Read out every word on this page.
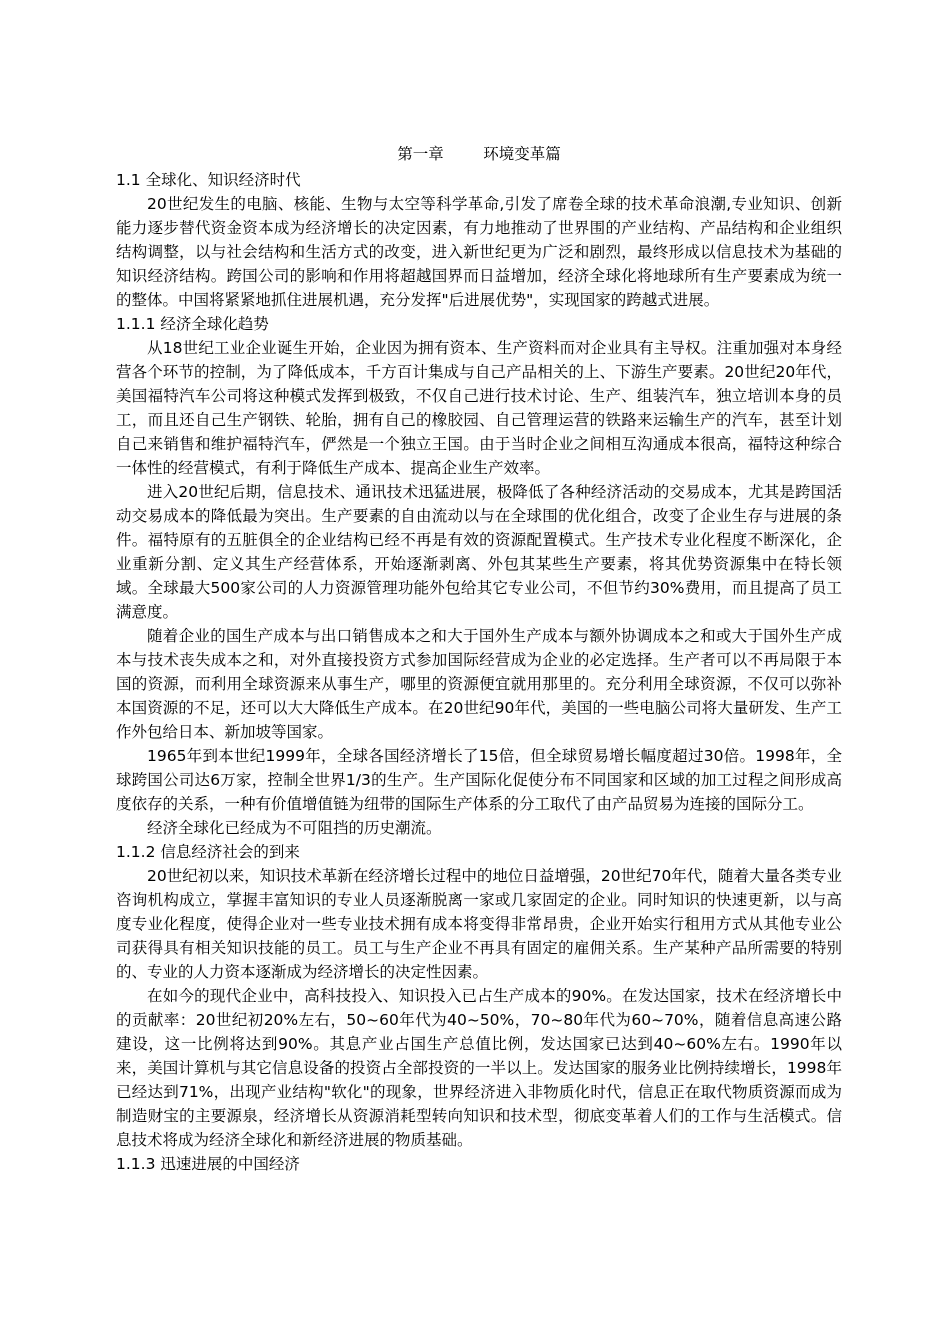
第一章        环境变革篇
1.1 全球化、知识经济时代

20世纪发生的电脑、核能、生物与太空等科学革命,引发了席卷全球的技术革命浪潮,专业知识、创新能力逐步替代资金资本成为经济增长的决定因素，有力地推动了世界围的产业结构、产品结构和企业组织结构调整，以与社会结构和生活方式的改变，进入新世纪更为广泛和剧烈，最终形成以信息技术为基础的知识经济结构。跨国公司的影响和作用将超越国界而日益增加，经济全球化将地球所有生产要素成为统一的整体。中国将紧紧地抓住进展机遇，充分发挥"后进展优势"，实现国家的跨越式进展。

1.1.1 经济全球化趋势

从18世纪工业企业诞生开始，企业因为拥有资本、生产资料而对企业具有主导权。注重加强对本身经营各个环节的控制，为了降低成本，千方百计集成与自己产品相关的上、下游生产要素。20世纪20年代，美国福特汽车公司将这种模式发挥到极致，不仅自己进行技术讨论、生产、组装汽车，独立培训本身的员工，而且还自己生产钢铁、轮胎，拥有自己的橡胶园、自己管理运营的铁路来运输生产的汽车，甚至计划自己来销售和维护福特汽车，俨然是一个独立王国。由于当时企业之间相互沟通成本很高，福特这种综合一体性的经营模式，有利于降低生产成本、提高企业生产效率。

进入20世纪后期，信息技术、通讯技术迅猛进展，极降低了各种经济活动的交易成本，尤其是跨国活动交易成本的降低最为突出。生产要素的自由流动以与在全球围的优化组合，改变了企业生存与进展的条件。福特原有的五脏俱全的企业结构已经不再是有效的资源配置模式。生产技术专业化程度不断深化，企业重新分割、定义其生产经营体系，开始逐渐剥离、外包其某些生产要素，将其优势资源集中在特长领域。全球最大500家公司的人力资源管理功能外包给其它专业公司，不但节约30%费用，而且提高了员工满意度。

随着企业的国生产成本与出口销售成本之和大于国外生产成本与额外协调成本之和或大于国外生产成本与技术丧失成本之和，对外直接投资方式参加国际经营成为企业的必定选择。生产者可以不再局限于本国的资源，而利用全球资源来从事生产，哪里的资源便宜就用那里的。充分利用全球资源，不仅可以弥补本国资源的不足，还可以大大降低生产成本。在20世纪90年代，美国的一些电脑公司将大量研发、生产工作外包给日本、新加坡等国家。

1965年到本世纪1999年，全球各国经济增长了15倍，但全球贸易增长幅度超过30倍。1998年，全球跨国公司达6万家，控制全世界1/3的生产。生产国际化促使分布不同国家和区域的加工过程之间形成高度依存的关系，一种有价值增值链为纽带的国际生产体系的分工取代了由产品贸易为连接的国际分工。

经济全球化已经成为不可阻挡的历史潮流。

1.1.2 信息经济社会的到来

20世纪初以来，知识技术革新在经济增长过程中的地位日益增强，20世纪70年代，随着大量各类专业咨询机构成立，掌握丰富知识的专业人员逐渐脱离一家或几家固定的企业。同时知识的快速更新，以与高度专业化程度，使得企业对一些专业技术拥有成本将变得非常昂贵，企业开始实行租用方式从其他专业公司获得具有相关知识技能的员工。员工与生产企业不再具有固定的雇佣关系。生产某种产品所需要的特别的、专业的人力资本逐渐成为经济增长的决定性因素。

在如今的现代企业中，高科技投入、知识投入已占生产成本的90%。在发达国家，技术在经济增长中的贡献率：20世纪初20%左右，50~60年代为40~50%，70~80年代为60~70%，随着信息高速公路建设，这一比例将达到90%。其息产业占国生产总值比例，发达国家已达到40~60%左右。1990年以来，美国计算机与其它信息设备的投资占全部投资的一半以上。发达国家的服务业比例持续增长，1998年已经达到71%，出现产业结构"软化"的现象，世界经济进入非物质化时代，信息正在取代物质资源而成为制造财宝的主要源泉，经济增长从资源消耗型转向知识和技术型，彻底变革着人们的工作与生活模式。信息技术将成为经济全球化和新经济进展的物质基础。

1.1.3 迅速进展的中国经济
